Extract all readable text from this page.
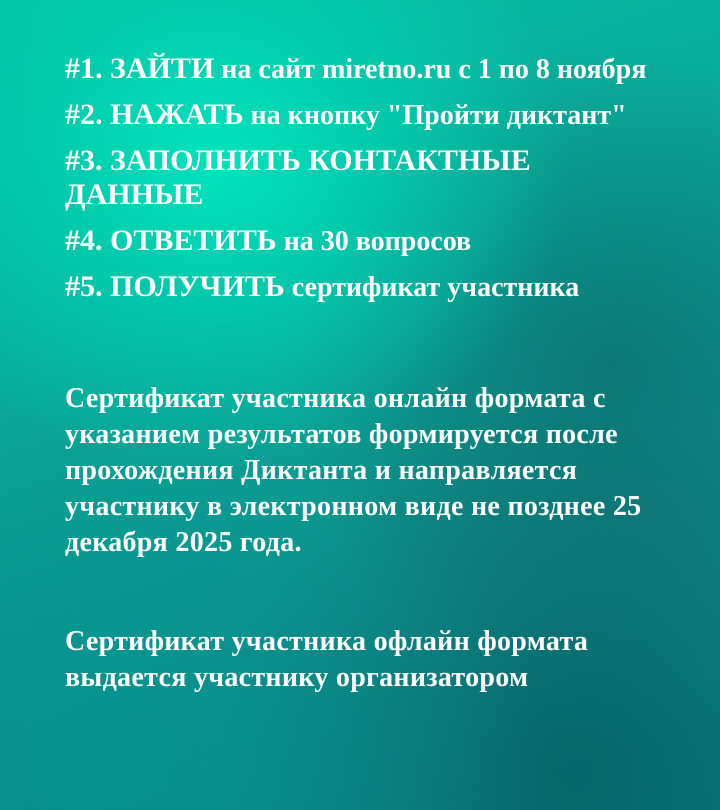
#1. ЗАЙТИ на сайт miretno.ru с 1 по 8 ноября
#2. НАЖАТЬ на кнопку "Пройти диктант"
#3. ЗАПОЛНИТЬ КОНТАКТНЫЕ ДАННЫЕ
#4. ОТВЕТИТЬ на 30 вопросов
#5. ПОЛУЧИТЬ сертификат участника

Сертификат участника онлайн формата с указанием результатов формируется после прохождения Диктанта и направляется участнику в электронном виде не позднее 25 декабря 2025 года.

Сертификат участника офлайн формата выдается участнику организатором
